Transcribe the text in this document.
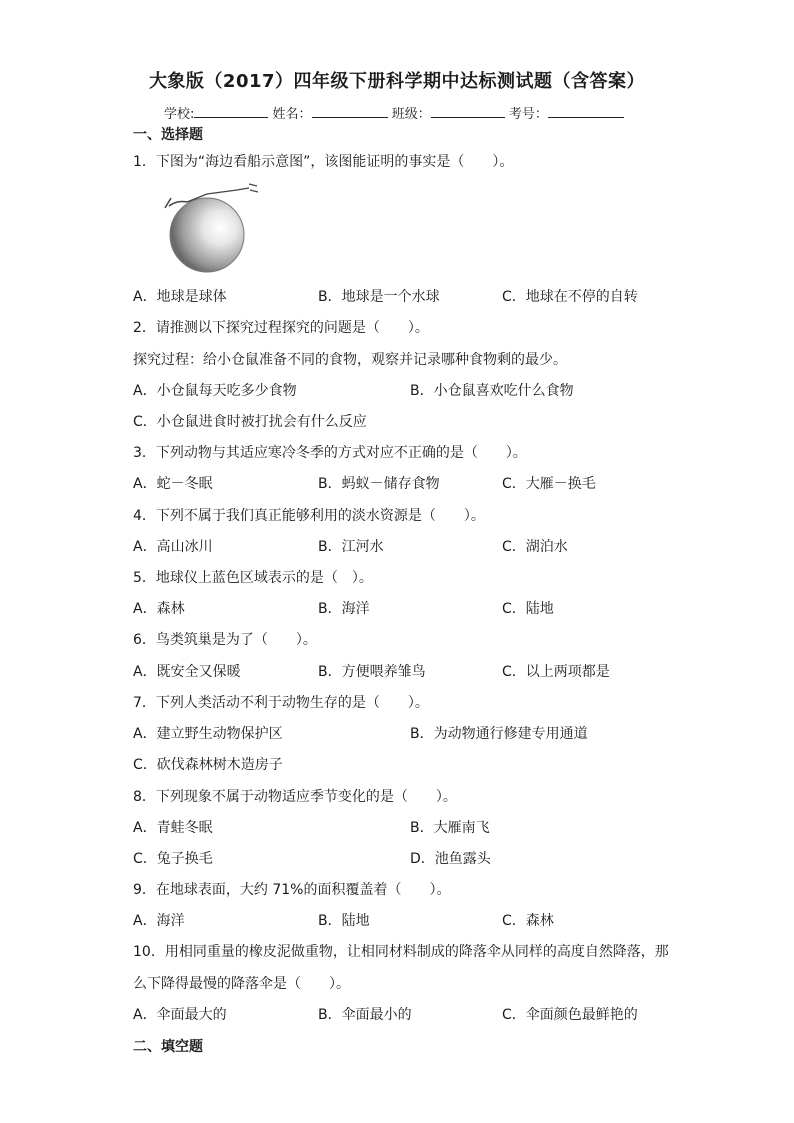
大象版（2017）四年级下册科学期中达标测试题（含答案）
学校:	姓名：	班级：	考号：
一、选择题
1．下图为“海边看船示意图”，该图能证明的事实是（　　）。
A．地球是球体	B．地球是一个水球	C．地球在不停的自转
2．请推测以下探究过程探究的问题是（　　）。
探究过程：给小仓鼠准备不同的食物，观察并记录哪种食物剩的最少。
A．小仓鼠每天吃多少食物	B．小仓鼠喜欢吃什么食物
C．小仓鼠进食时被打扰会有什么反应
3．下列动物与其适应寒冷冬季的方式对应不正确的是（　　）。
A．蛇－冬眠	B．蚂蚁－储存食物	C．大雁－换毛
4．下列不属于我们真正能够利用的淡水资源是（　　）。
A．高山冰川	B．江河水	C．湖泊水
5．地球仪上蓝色区域表示的是（　）。
A．森林	B．海洋	C．陆地
6．鸟类筑巢是为了（　　）。
A．既安全又保暖	B．方便喂养雏鸟	C．以上两项都是
7．下列人类活动不利于动物生存的是（　　）。
A．建立野生动物保护区	B．为动物通行修建专用通道
C．砍伐森林树木造房子
8．下列现象不属于动物适应季节变化的是（　　）。
A．青蛙冬眠	B．大雁南飞
C．兔子换毛	D．池鱼露头
9．在地球表面，大约 71%的面积覆盖着（　　）。
A．海洋	B．陆地	C．森林
10．用相同重量的橡皮泥做重物，让相同材料制成的降落伞从同样的高度自然降落，那
么下降得最慢的降落伞是（　　）。
A．伞面最大的	B．伞面最小的	C．伞面颜色最鲜艳的
二、填空题
